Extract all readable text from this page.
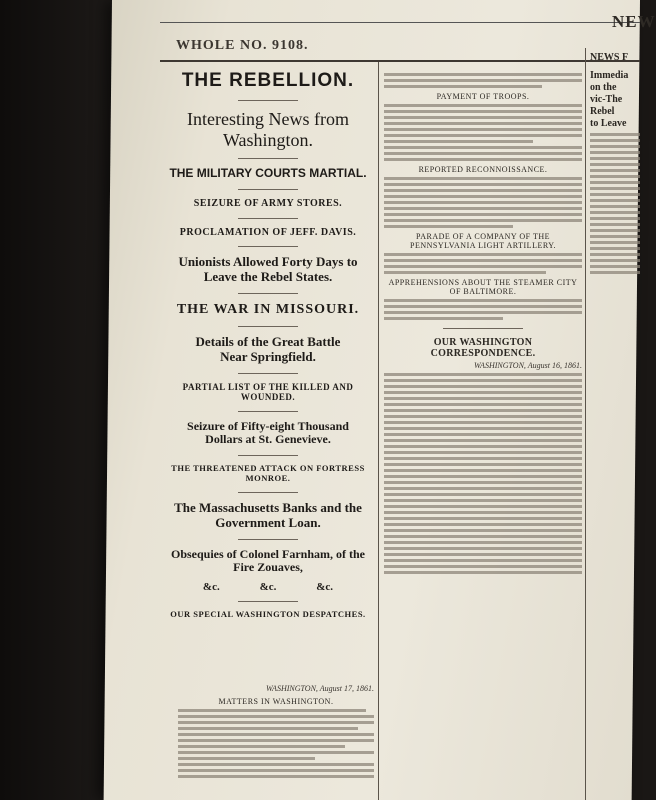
WHOLE NO. 9108.
NEW
THE REBELLION.
Interesting News from Washington.
THE MILITARY COURTS MARTIAL.
SEIZURE OF ARMY STORES.
PROCLAMATION OF JEFF. DAVIS.
Unionists Allowed Forty Days to Leave the Rebel States.
THE WAR IN MISSOURI.
Details of the Great Battle Near Springfield.
PARTIAL LIST OF THE KILLED AND WOUNDED.
Seizure of Fifty-eight Thousand Dollars at St. Genevieve.
THE THREATENED ATTACK ON FORTRESS MONROE.
The Massachusetts Banks and the Government Loan.
Obsequies of Colonel Farnham, of the Fire Zouaves,
&c.	&c.	&c.
OUR SPECIAL WASHINGTON DESPATCHES.
WASHINGTON, August 17, 1861.
MATTERS IN WASHINGTON.
PAYMENT OF TROOPS.
REPORTED RECONNOISSANCE.
PARADE OF A COMPANY OF THE PENNSYLVANIA LIGHT ARTILLERY.
APPREHENSIONS ABOUT THE STEAMER CITY OF BALTIMORE.
OUR WASHINGTON CORRESPONDENCE.
WASHINGTON, August 16, 1861.
NEWS F
Immedia
on the
vic-The
Rebel
to Leave
